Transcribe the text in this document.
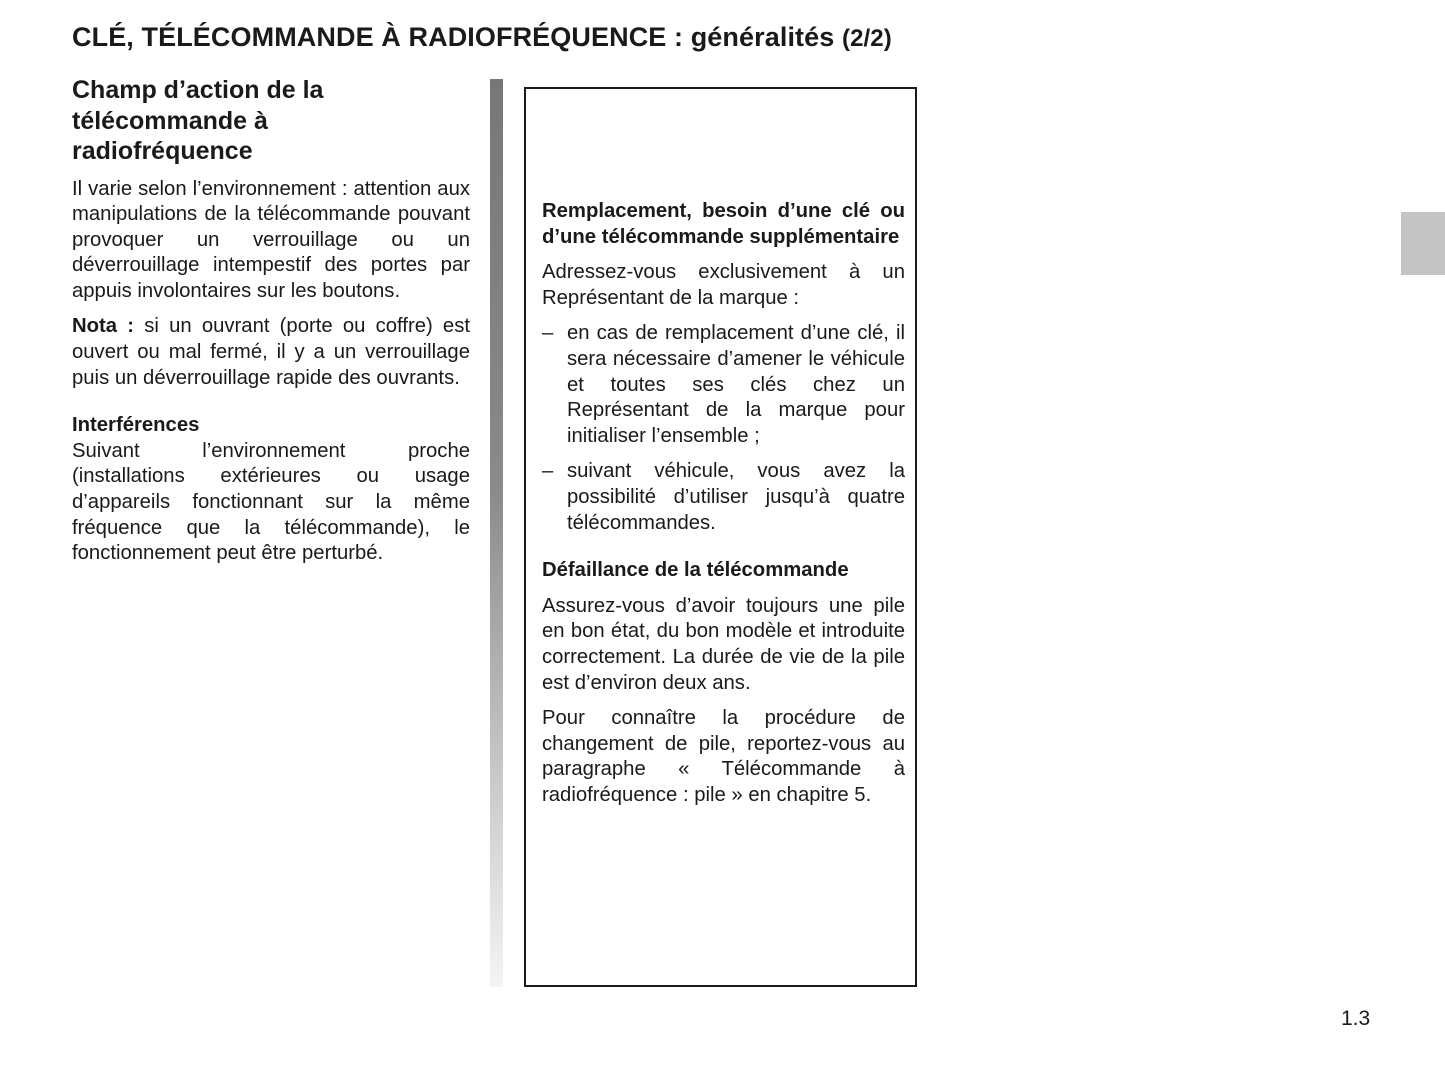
CLÉ, TÉLÉCOMMANDE À RADIOFRÉQUENCE : généralités (2/2)
Champ d’action de la télécommande à radiofréquence

Il varie selon l’environnement : attention aux manipulations de la télécommande pouvant provoquer un verrouillage ou un déverrouillage intempestif des portes par appuis involontaires sur les boutons.

Nota : si un ouvrant (porte ou coffre) est ouvert ou mal fermé, il y a un verrouillage puis un déverrouillage rapide des ouvrants.

Interférences

Suivant l’environnement proche (installations extérieures ou usage d’appareils fonctionnant sur la même fréquence que la télécommande), le fonctionnement peut être perturbé.

Remplacement, besoin d’une clé ou d’une télécommande supplémentaire

Adressez-vous exclusivement à un Représentant de la marque :

– en cas de remplacement d’une clé, il sera nécessaire d’amener le véhicule et toutes ses clés chez un Représentant de la marque pour initialiser l’ensemble ;
– suivant véhicule, vous avez la possibilité d’utiliser jusqu’à quatre télécommandes.
Défaillance de la télécommande

Assurez-vous d’avoir toujours une pile en bon état, du bon modèle et introduite correctement. La durée de vie de la pile est d’environ deux ans.

Pour connaître la procédure de changement de pile, reportez-vous au paragraphe « Télécommande à radiofréquence : pile » en chapitre 5.

1.3
